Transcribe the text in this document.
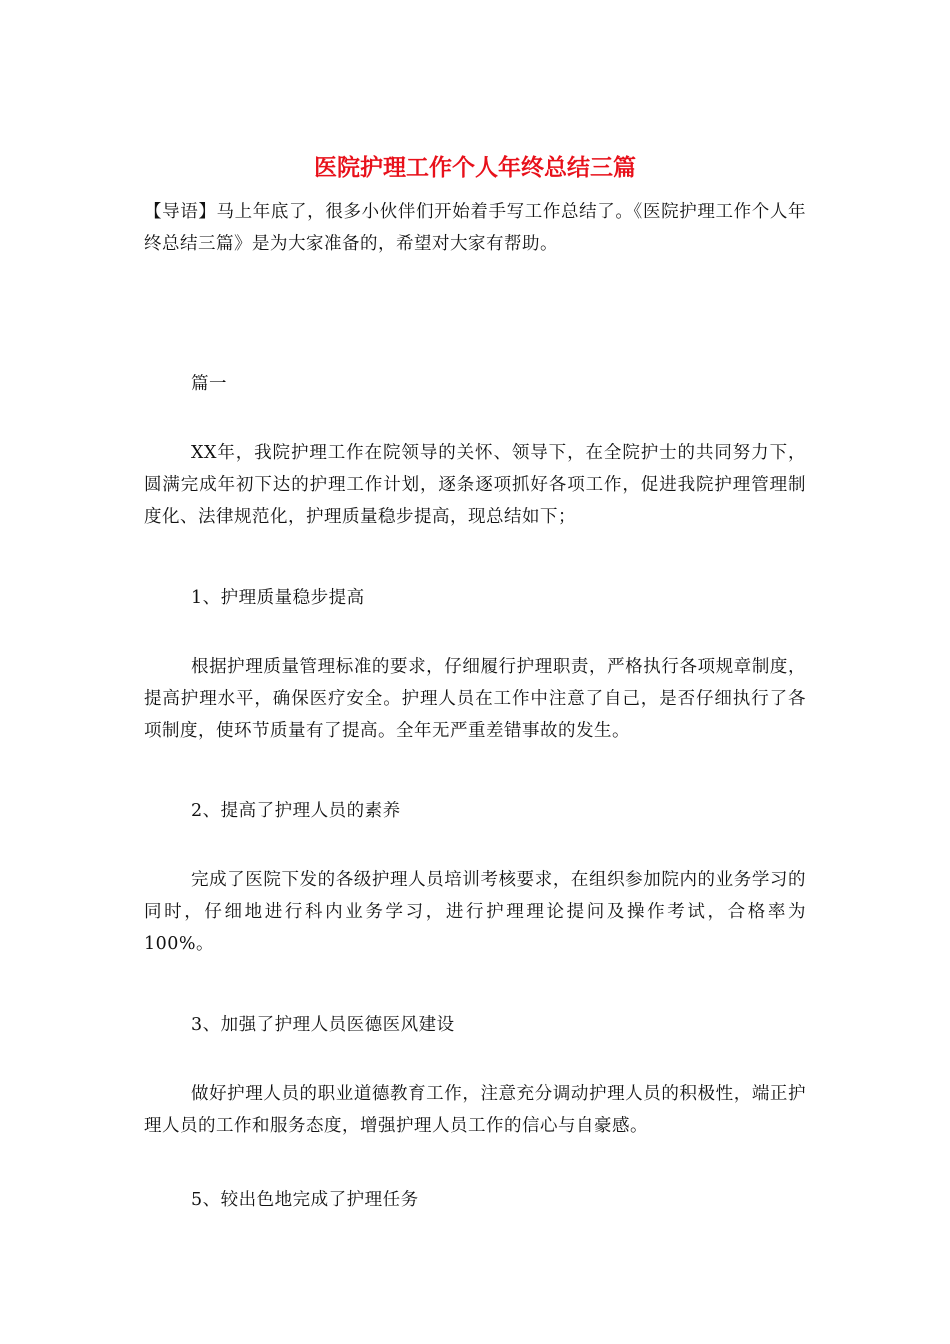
医院护理工作个人年终总结三篇

【导语】马上年底了，很多小伙伴们开始着手写工作总结了。《医院护理工作个人年终总结三篇》是为大家准备的，希望对大家有帮助。

篇一

XX年，我院护理工作在院领导的关怀、领导下，在全院护士的共同努力下，圆满完成年初下达的护理工作计划，逐条逐项抓好各项工作，促进我院护理管理制度化、法律规范化，护理质量稳步提高，现总结如下；

1、护理质量稳步提高

根据护理质量管理标准的要求，仔细履行护理职责，严格执行各项规章制度，提高护理水平，确保医疗安全。护理人员在工作中注意了自己，是否仔细执行了各项制度，使环节质量有了提高。全年无严重差错事故的发生。

2、提高了护理人员的素养

完成了医院下发的各级护理人员培训考核要求，在组织参加院内的业务学习的同时，仔细地进行科内业务学习，进行护理理论提问及操作考试，合格率为100%。

3、加强了护理人员医德医风建设

做好护理人员的职业道德教育工作，注意充分调动护理人员的积极性，端正护理人员的工作和服务态度，增强护理人员工作的信心与自豪感。

5、较出色地完成了护理任务
